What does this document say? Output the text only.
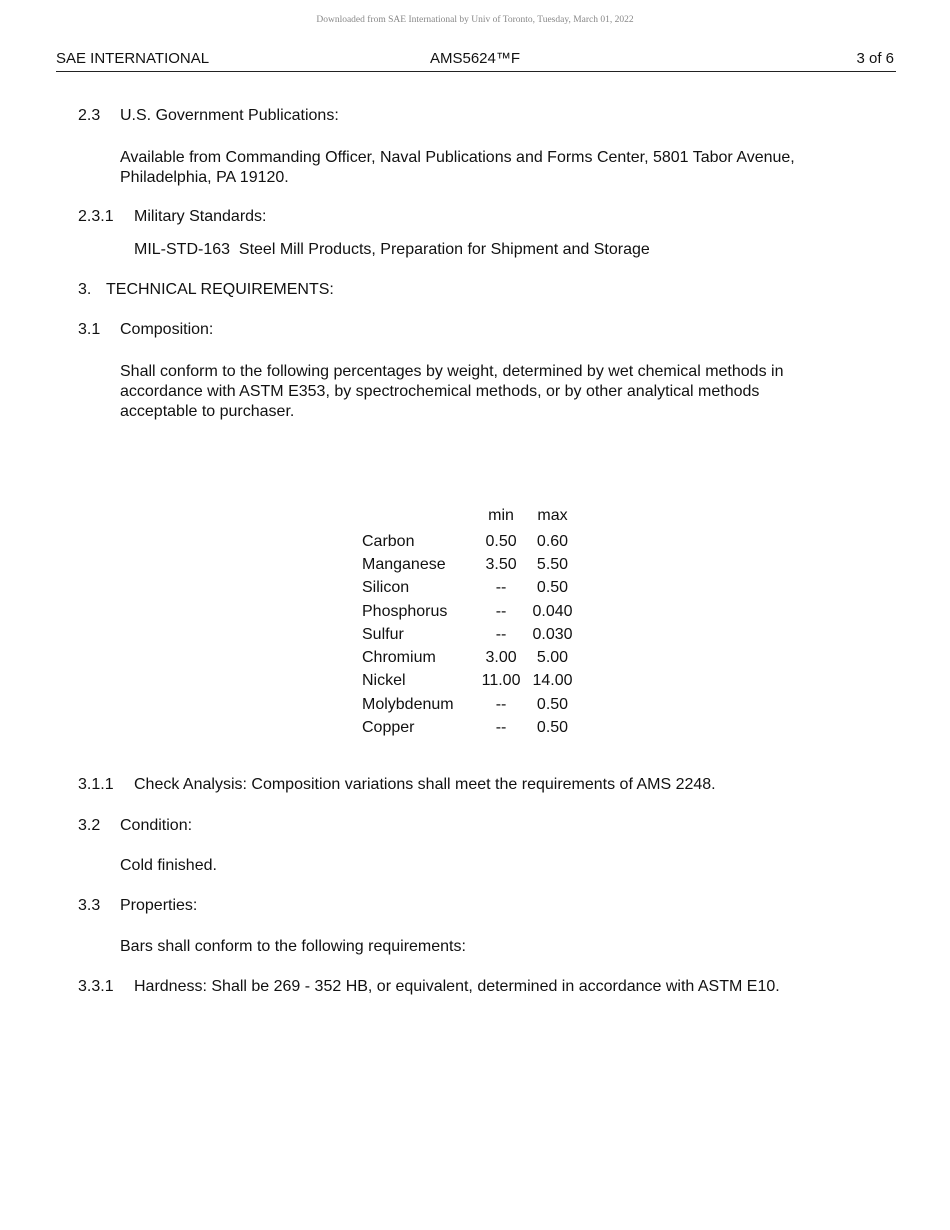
Downloaded from SAE International by Univ of Toronto, Tuesday, March 01, 2022
SAE INTERNATIONAL	AMS5624™F	3 of 6
2.3 U.S. Government Publications:
Available from Commanding Officer, Naval Publications and Forms Center, 5801 Tabor Avenue, Philadelphia, PA 19120.
2.3.1 Military Standards:
MIL-STD-163  Steel Mill Products, Preparation for Shipment and Storage
3. TECHNICAL REQUIREMENTS:
3.1 Composition:
Shall conform to the following percentages by weight, determined by wet chemical methods in accordance with ASTM E353, by spectrochemical methods, or by other analytical methods acceptable to purchaser.
	min	max
Carbon	0.50	0.60
Manganese	3.50	5.50
Silicon	--	0.50
Phosphorus	--	0.040
Sulfur	--	0.030
Chromium	3.00	5.00
Nickel	11.00	14.00
Molybdenum	--	0.50
Copper	--	0.50
3.1.1 Check Analysis: Composition variations shall meet the requirements of AMS 2248.
3.2 Condition:
Cold finished.
3.3 Properties:
Bars shall conform to the following requirements:
3.3.1 Hardness: Shall be 269 - 352 HB, or equivalent, determined in accordance with ASTM E10.
